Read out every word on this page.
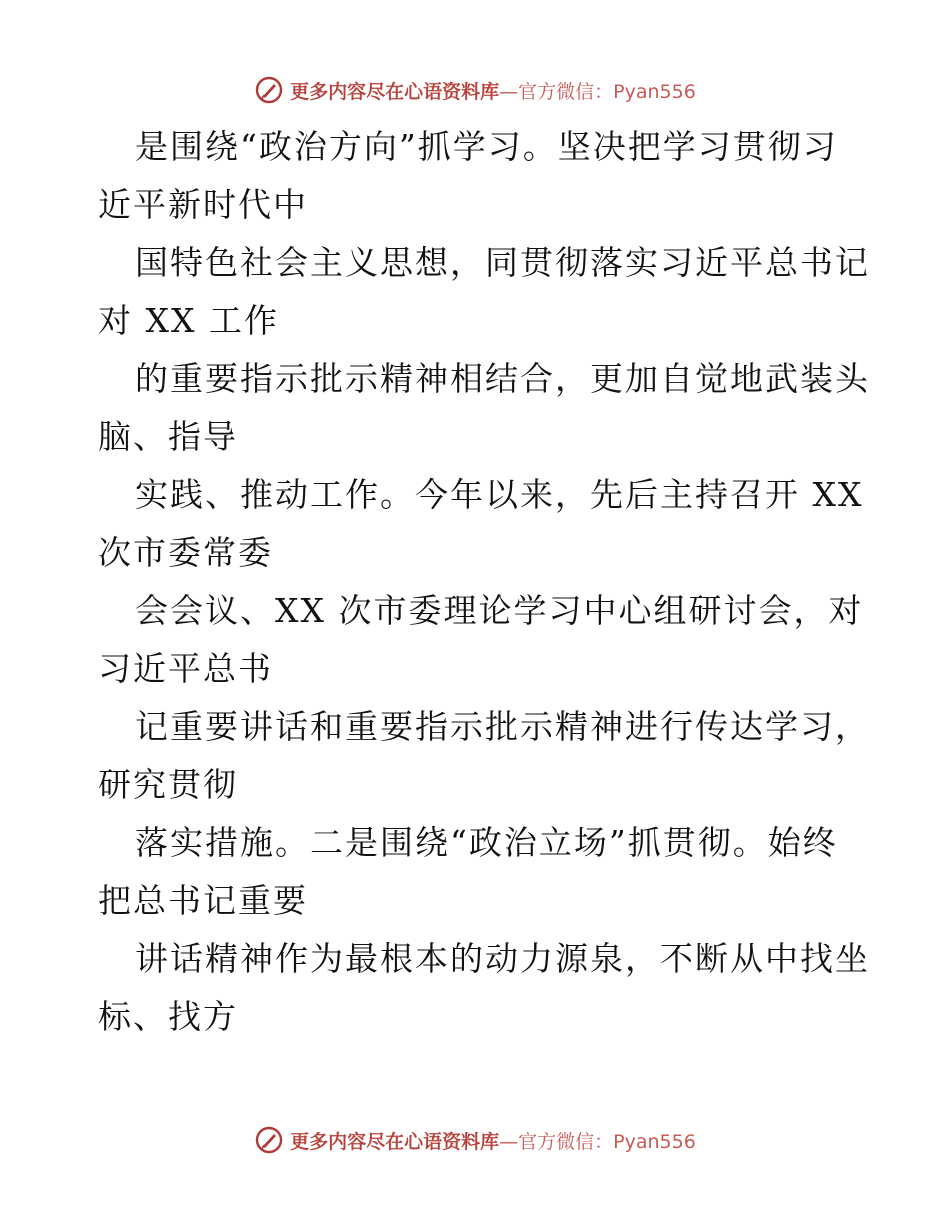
更多内容尽在心语资料库 —官方微信：Pyan556
是围绕“政治方向”抓学习。坚决把学习贯彻习
近平新时代中
国特色社会主义思想，同贯彻落实习近平总书记
对 XX 工作
的重要指示批示精神相结合，更加自觉地武装头
脑、指导
实践、推动工作。今年以来，先后主持召开 XX
次市委常委
会会议、XX 次市委理论学习中心组研讨会，对
习近平总书
记重要讲话和重要指示批示精神进行传达学习，
研究贯彻
落实措施。二是围绕“政治立场”抓贯彻。始终
把总书记重要
讲话精神作为最根本的动力源泉，不断从中找坐
标、找方
更多内容尽在心语资料库 —官方微信：Pyan556
